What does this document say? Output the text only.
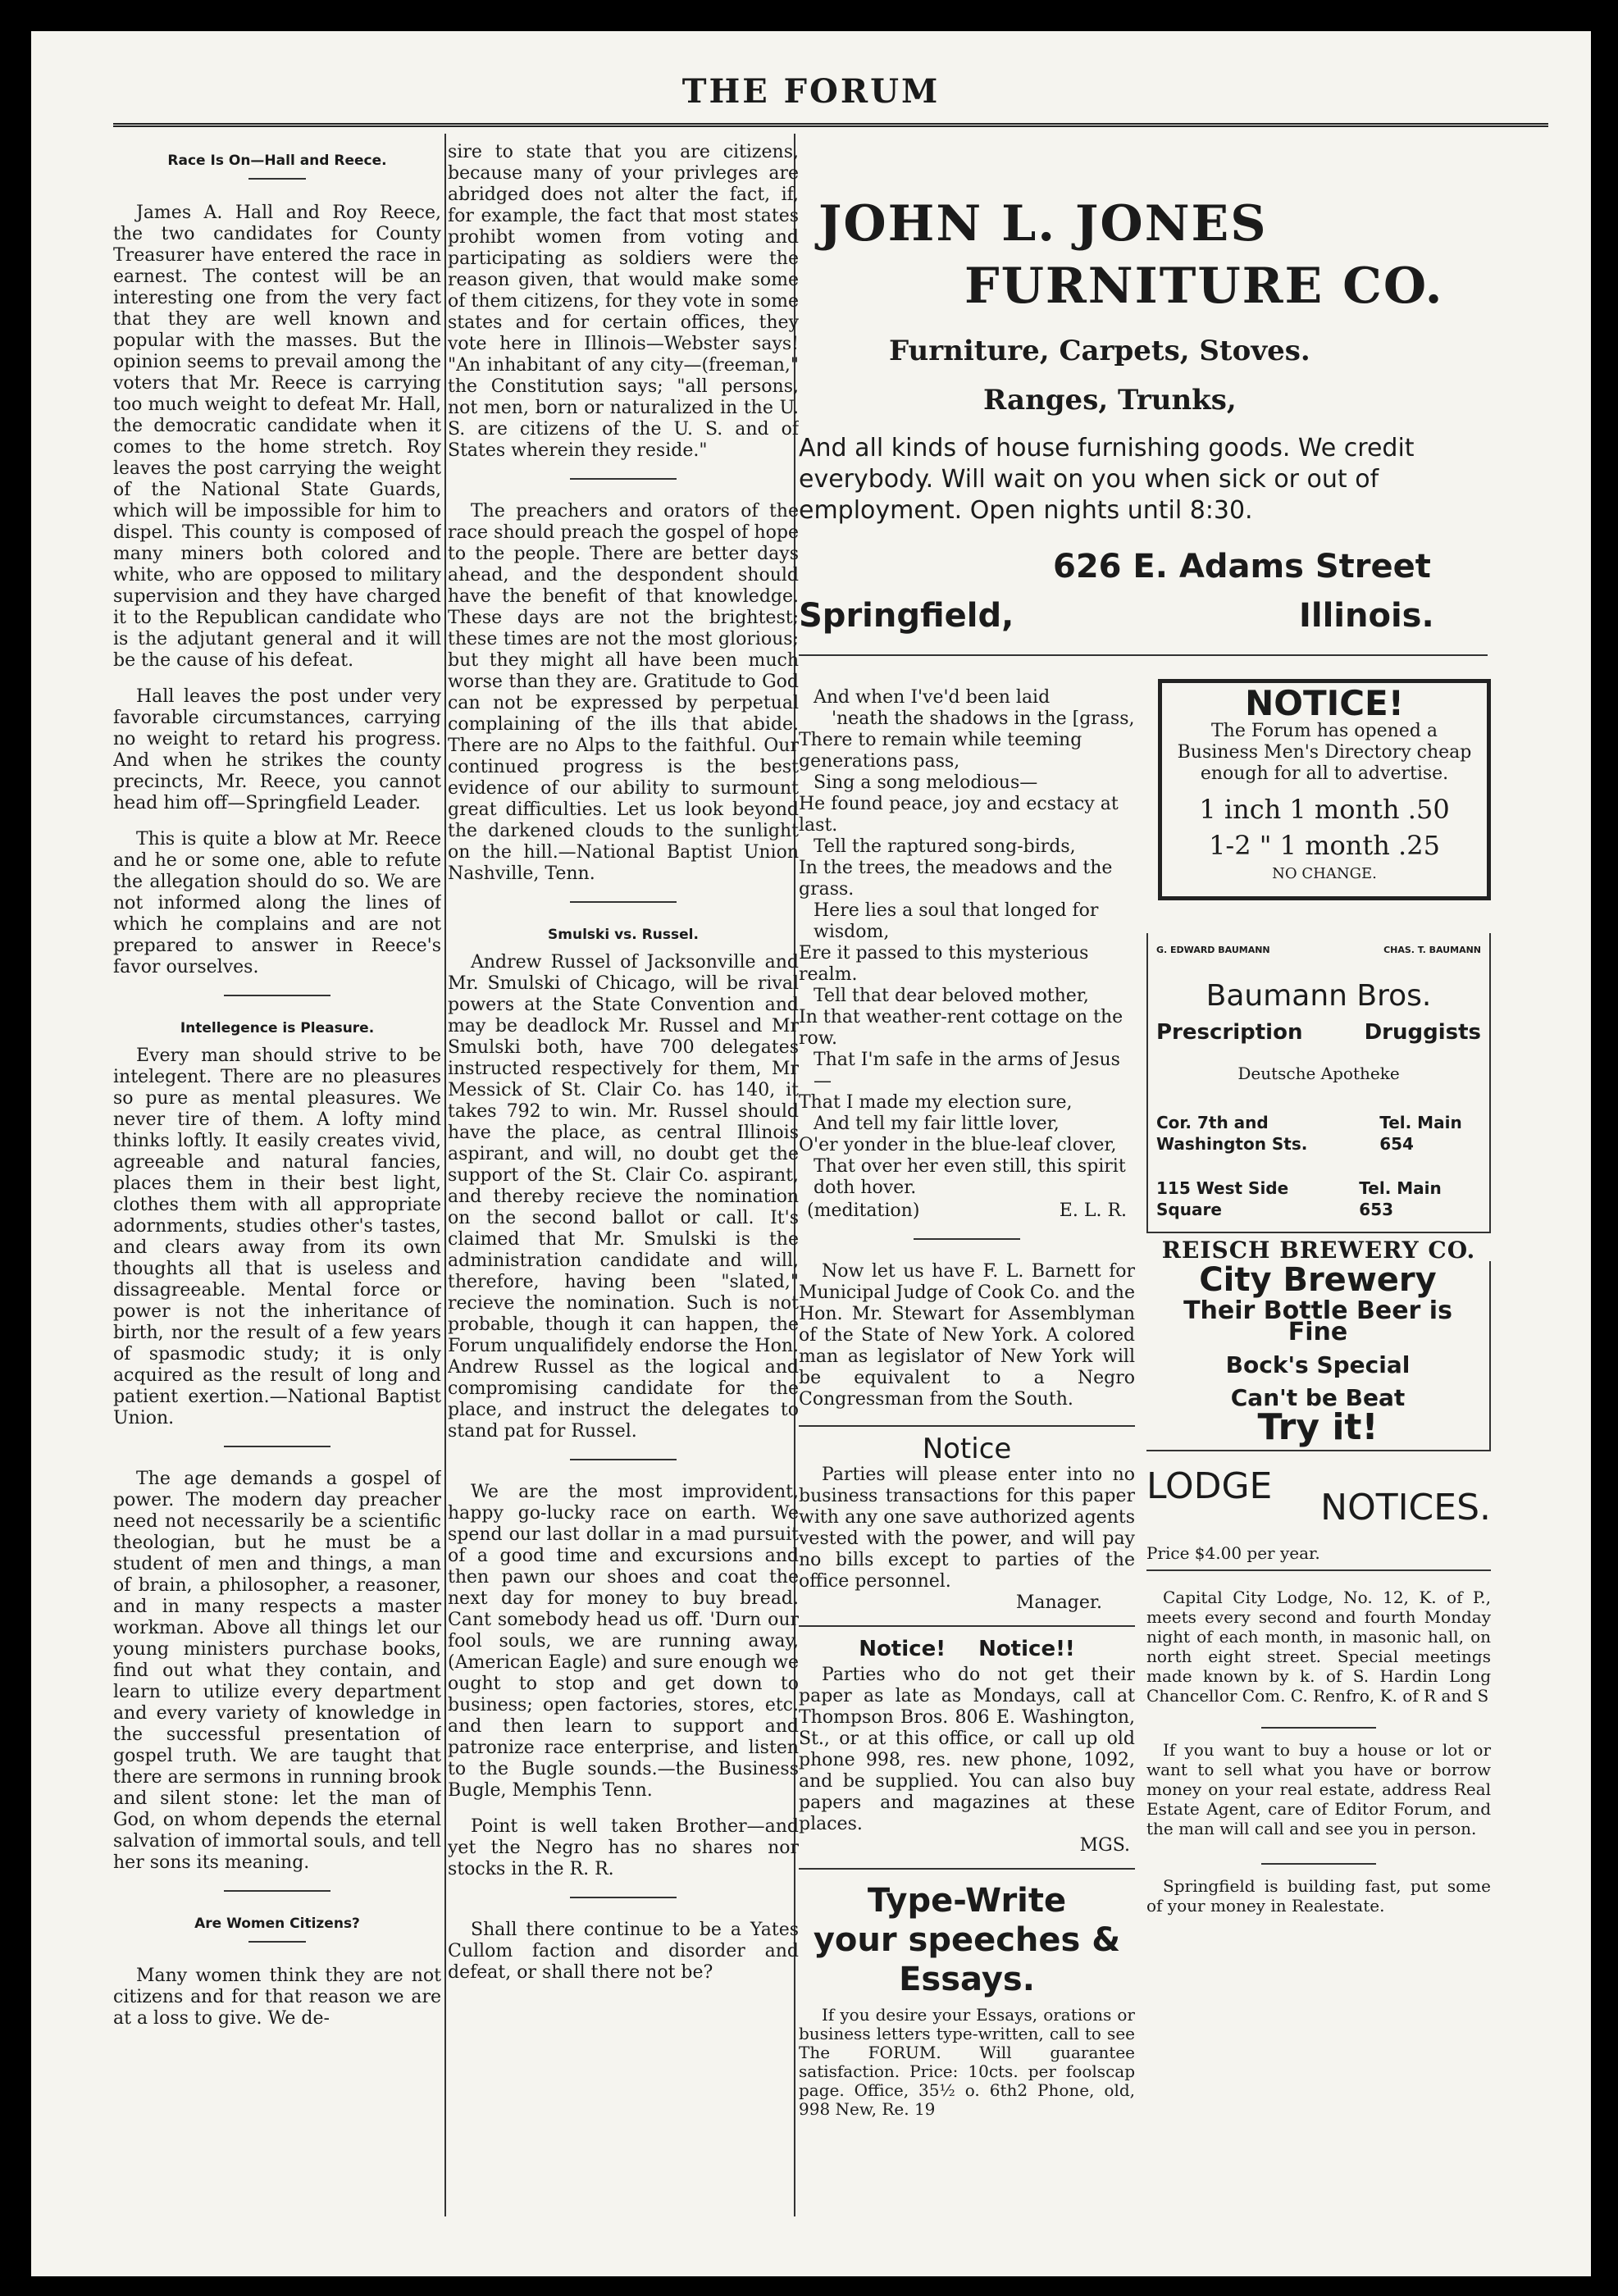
THE FORUM
Race Is On—Hall and Reece.

James A. Hall and Roy Reece, the two candidates for County Treasurer have entered the race in earnest. The contest will be an interesting one from the very fact that they are well known and popular with the masses. But the opinion seems to prevail among the voters that Mr. Reece is carrying too much weight to defeat Mr. Hall, the democratic candidate when it comes to the home stretch. Roy leaves the post carrying the weight of the National State Guards, which will be impossible for him to dispel. This county is composed of many miners both colored and white, who are opposed to military supervision and they have charged it to the Republican candidate who is the adjutant general and it will be the cause of his defeat.

Hall leaves the post under very favorable circumstances, carrying no weight to retard his progress. And when he strikes the county precincts, Mr. Reece, you cannot head him off—Springfield Leader.

This is quite a blow at Mr. Reece and he or some one, able to refute the allegation should do so. We are not informed along the lines of which he complains and are not prepared to answer in Reece's favor ourselves.

Intellegence is Pleasure.

Every man should strive to be intelegent. There are no pleasures so pure as mental pleasures. We never tire of them. A lofty mind thinks loftly. It easily creates vivid, agreeable and natural fancies, places them in their best light, clothes them with all appropriate adornments, studies other's tastes, and clears away from its own thoughts all that is useless and dissagreeable. Mental force or power is not the inheritance of birth, nor the result of a few years of spasmodic study; it is only acquired as the result of long and patient exertion.—National Baptist Union.

The age demands a gospel of power. The modern day preacher need not necessarily be a scientific theologian, but he must be a student of men and things, a man of brain, a philosopher, a reasoner, and in many respects a master workman. Above all things let our young ministers purchase books, find out what they contain, and learn to utilize every department and every variety of knowledge in the successful presentation of gospel truth. We are taught that there are sermons in running brook and silent stone: let the man of God, on whom depends the eternal salvation of immortal souls, and tell her sons its meaning.

Are Women Citizens?

Many women think they are not citizens and for that reason we are at a loss to give. We de-

sire to state that you are citizens, because many of your privleges are abridged does not alter the fact, if, for example, the fact that most states prohibt women from voting and participating as soldiers were the reason given, that would make some of them citizens, for they vote in some states and for certain offices, they vote here in Illinois—Webster says! "An inhabitant of any city—(freeman," the Constitution says; "all persons, not men, born or naturalized in the U. S. are citizens of the U. S. and of States wherein they reside."

The preachers and orators of the race should preach the gospel of hope to the people. There are better days ahead, and the despondent should have the benefit of that knowledge. These days are not the brightest; these times are not the most glorious; but they might all have been much worse than they are. Gratitude to God can not be expressed by perpetual complaining of the ills that abide. There are no Alps to the faithful. Our continued progress is the best evidence of our ability to surmount great difficulties. Let us look beyond the darkened clouds to the sunlight on the hill.—National Baptist Union Nashville, Tenn.

Smulski vs. Russel.

Andrew Russel of Jacksonville and Mr. Smulski of Chicago, will be rival powers at the State Convention and may be deadlock Mr. Russel and Mr Smulski both, have 700 delegates instructed respectively for them, Mr Messick of St. Clair Co. has 140, it takes 792 to win. Mr. Russel should have the place, as central Illinois aspirant, and will, no doubt get the support of the St. Clair Co. aspirant, and thereby recieve the nomination on the second ballot or call. It's claimed that Mr. Smulski is the administration candidate and will, therefore, having been "slated," recieve the nomination. Such is not probable, though it can happen, the Forum unqualifidely endorse the Hon. Andrew Russel as the logical and compromising candidate for the place, and instruct the delegates to stand pat for Russel.

We are the most improvident, happy go-lucky race on earth. We spend our last dollar in a mad pursuit of a good time and excursions and then pawn our shoes and coat the next day for money to buy bread. Cant somebody head us off. 'Durn our fool souls, we are running away, (American Eagle) and sure enough we ought to stop and get down to business; open factories, stores, etc. and then learn to support and patronize race enterprise, and listen to the Bugle sounds.—the Business Bugle, Memphis Tenn.

Point is well taken Brother—and yet the Negro has no shares nor stocks in the R. R.

Shall there continue to be a Yates Cullom faction and disorder and defeat, or shall there not be?

JOHN L. JONES
FURNITURE CO.
Furniture, Carpets, Stoves.
Ranges, Trunks,
And all kinds of house furnishing goods. We credit everybody. Will wait on you when sick or out of employment. Open nights until 8:30.
626 E. Adams Street
Springfield,	Illinois.
And when I've'd been laid
'neath the shadows in the [grass,
There to remain while teeming generations pass,
Sing a song melodious—
He found peace, joy and ecstacy at last.
Tell the raptured song-birds,
In the trees, the meadows and the grass.
Here lies a soul that longed for wisdom,
Ere it passed to this mysterious realm.
Tell that dear beloved mother,
In that weather-rent cottage on the row.
That I'm safe in the arms of Jesus—
That I made my election sure,
And tell my fair little lover,
O'er yonder in the blue-leaf clover,
That over her even still, this spirit doth hover.
(meditation)	E. L. R.

Now let us have F. L. Barnett for Municipal Judge of Cook Co. and the Hon. Mr. Stewart for Assemblyman of the State of New York. A colored man as legislator of New York will be equivalent to a Negro Congressman from the South.

Notice

Parties will please enter into no business transactions for this paper with any one save authorized agents vested with the power, and will pay no bills except to parties of the office personnel.

Manager.
Notice! Notice!!

Parties who do not get their paper as late as Mondays, call at Thompson Bros. 806 E. Washington, St., or at this office, or call up old phone 998, res. new phone, 1092, and be supplied. You can also buy papers and magazines at these places.

MGS.
Type-Write
your speeches &
Essays.

If you desire your Essays, orations or business letters type-written, call to see The FORUM. Will guarantee satisfaction. Price: 10cts. per foolscap page. Office, 35½ o. 6th2 Phone, old, 998 New, Re. 19

NOTICE!
The Forum has opened a Business Men's Directory cheap enough for all to advertise.
1 inch 1 month .50
1-2 " 1 month .25
NO CHANGE.
G. EDWARD BAUMANN	CHAS. T. BAUMANN
Baumann Bros.
Prescription	Druggists
Deutsche Apotheke
Cor. 7th and Washington Sts.
Tel. Main 654
115 West Side Square
Tel. Main 653
REISCH BREWERY CO.
City Brewery
Their Bottle Beer is Fine
Bock's Special
Can't be Beat
Try it!
LODGE
NOTICES.
Price $4.00 per year.

Capital City Lodge, No. 12, K. of P., meets every second and fourth Monday night of each month, in masonic hall, on north eight street. Special meetings made known by k. of S. Hardin Long Chancellor Com. C. Renfro, K. of R and S

If you want to buy a house or lot or want to sell what you have or borrow money on your real estate, address Real Estate Agent, care of Editor Forum, and the man will call and see you in person.

Springfield is building fast, put some of your money in Realestate.
